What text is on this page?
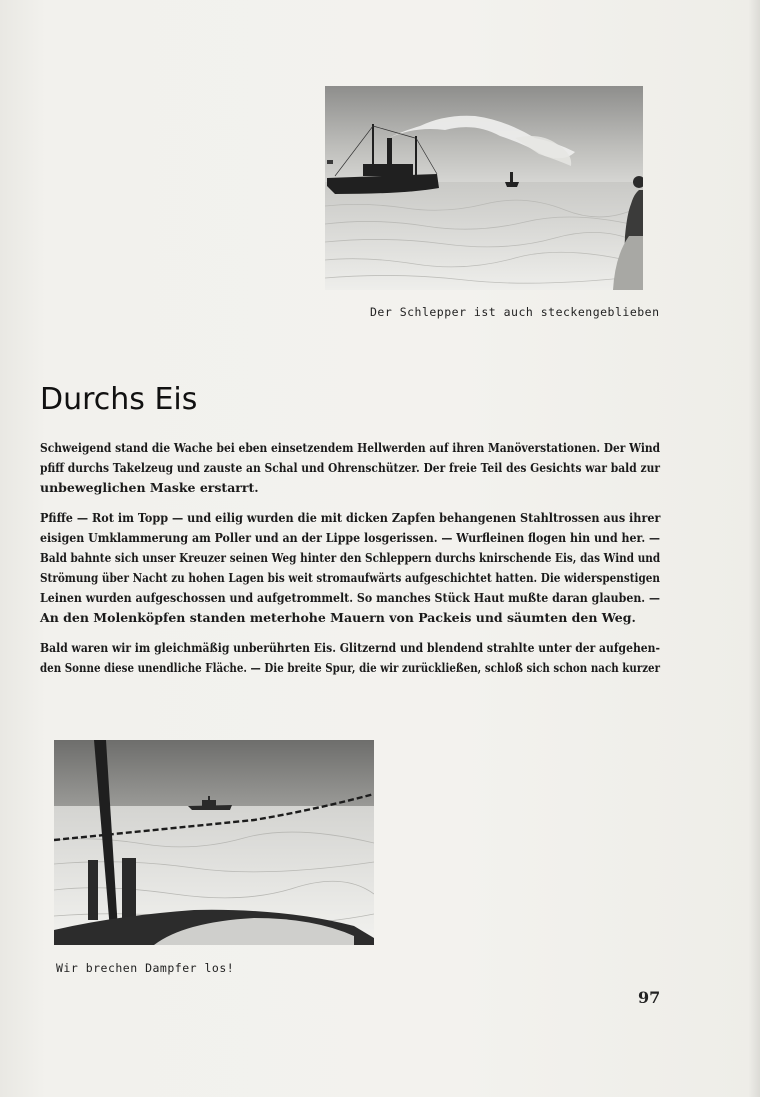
Der Schlepper ist auch steckengeblieben
Durchs Eis

Schweigend stand die Wache bei eben einsetzendem Hellwerden auf ihren Manöverstationen. Der Wind
pfiff durchs Takelzeug und zauste an Schal und Ohrenschützer. Der freie Teil des Gesichts war bald zur
unbeweglichen Maske erstarrt.

Pfiffe — Rot im Topp — und eilig wurden die mit dicken Zapfen behangenen Stahltrossen aus ihrer
eisigen Umklammerung am Poller und an der Lippe losgerissen. — Wurfleinen flogen hin und her. —
Bald bahnte sich unser Kreuzer seinen Weg hinter den Schleppern durchs knirschende Eis, das Wind und
Strömung über Nacht zu hohen Lagen bis weit stromaufwärts aufgeschichtet hatten. Die widerspenstigen
Leinen wurden aufgeschossen und aufgetrommelt. So manches Stück Haut mußte daran glauben. —
An den Molenköpfen standen meterhohe Mauern von Packeis und säumten den Weg.

Bald waren wir im gleichmäßig unberührten Eis. Glitzernd und blendend strahlte unter der aufgehen-
den Sonne diese unendliche Fläche. — Die breite Spur, die wir zurückließen, schloß sich schon nach kurzer

Wir brechen Dampfer los!
97
